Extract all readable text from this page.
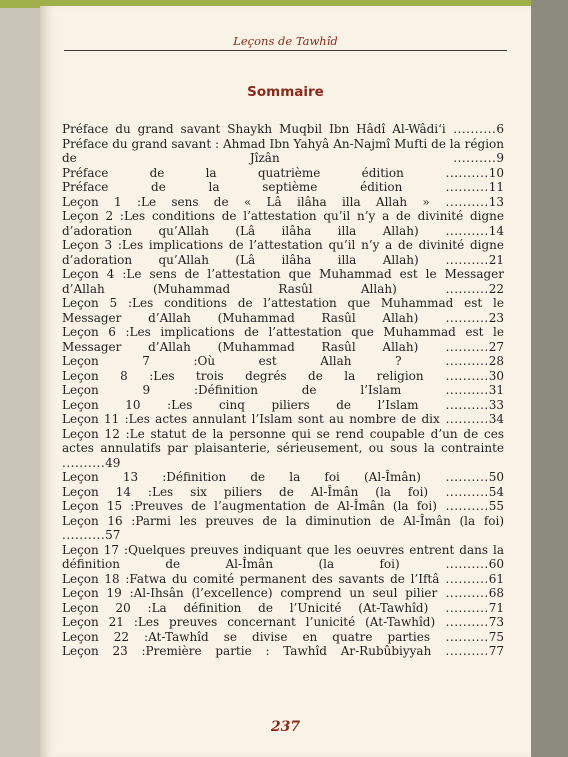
Leçons de Tawhîd
Sommaire
Préface du grand savant Shaykh Muqbil Ibn Hâdî Al-Wâdi‘i ..........6
Préface du grand savant : Ahmad Ibn Yahyâ An-Najmî Mufti de la région de Jîzân ..........9
Préface de la quatrième édition ..........10
Préface de la septième édition ..........11
Leçon 1 :Le sens de « Lâ ilâha illa Allah » ..........13
Leçon 2 :Les conditions de l’attestation qu’il n’y a de divinité digne d’adoration qu’Allah (Lâ ilâha illa Allah) ..........14
Leçon 3 :Les implications de l’attestation qu’il n’y a de divinité digne d’adoration qu’Allah (Lâ ilâha illa Allah) ..........21
Leçon 4 :Le sens de l’attestation que Muhammad est le Messager d’Allah (Muhammad Rasûl Allah) ..........22
Leçon 5 :Les conditions de l’attestation que Muhammad est le Messager d’Allah (Muhammad Rasûl Allah) ..........23
Leçon 6 :Les implications de l’attestation que Muhammad est le Messager d’Allah (Muhammad Rasûl Allah) ..........27
Leçon 7 :Où est Allah ? ..........28
Leçon 8 :Les trois degrés de la religion ..........30
Leçon 9 :Définition de l’Islam ..........31
Leçon 10 :Les cinq piliers de l’Islam ..........33
Leçon 11 :Les actes annulant l’Islam sont au nombre de dix ..........34
Leçon 12 :Le statut de la personne qui se rend coupable d’un de ces actes annulatifs par plaisanterie, sérieusement, ou sous la contrainte ..........49
Leçon 13 :Définition de la foi (Al-Îmân) ..........50
Leçon 14 :Les six piliers de Al-Îmân (la foi) ..........54
Leçon 15 :Preuves de l’augmentation de Al-Îmân (la foi) ..........55
Leçon 16 :Parmi les preuves de la diminution de Al-Îmân (la foi) ..........57
Leçon 17 :Quelques preuves indiquant que les oeuvres entrent dans la définition de Al-Îmân (la foi) ..........60
Leçon 18 :Fatwa du comité permanent des savants de l’Iftâ ..........61
Leçon 19 :Al-Ihsân (l’excellence) comprend un seul pilier ..........68
Leçon 20 :La définition de l’Unicité (At-Tawhîd) ..........71
Leçon 21 :Les preuves concernant l’unicité (At-Tawhîd) ..........73
Leçon 22 :At-Tawhîd se divise en quatre parties ..........75
Leçon 23 :Première partie : Tawhîd Ar-Rubûbiyyah ..........77
237
